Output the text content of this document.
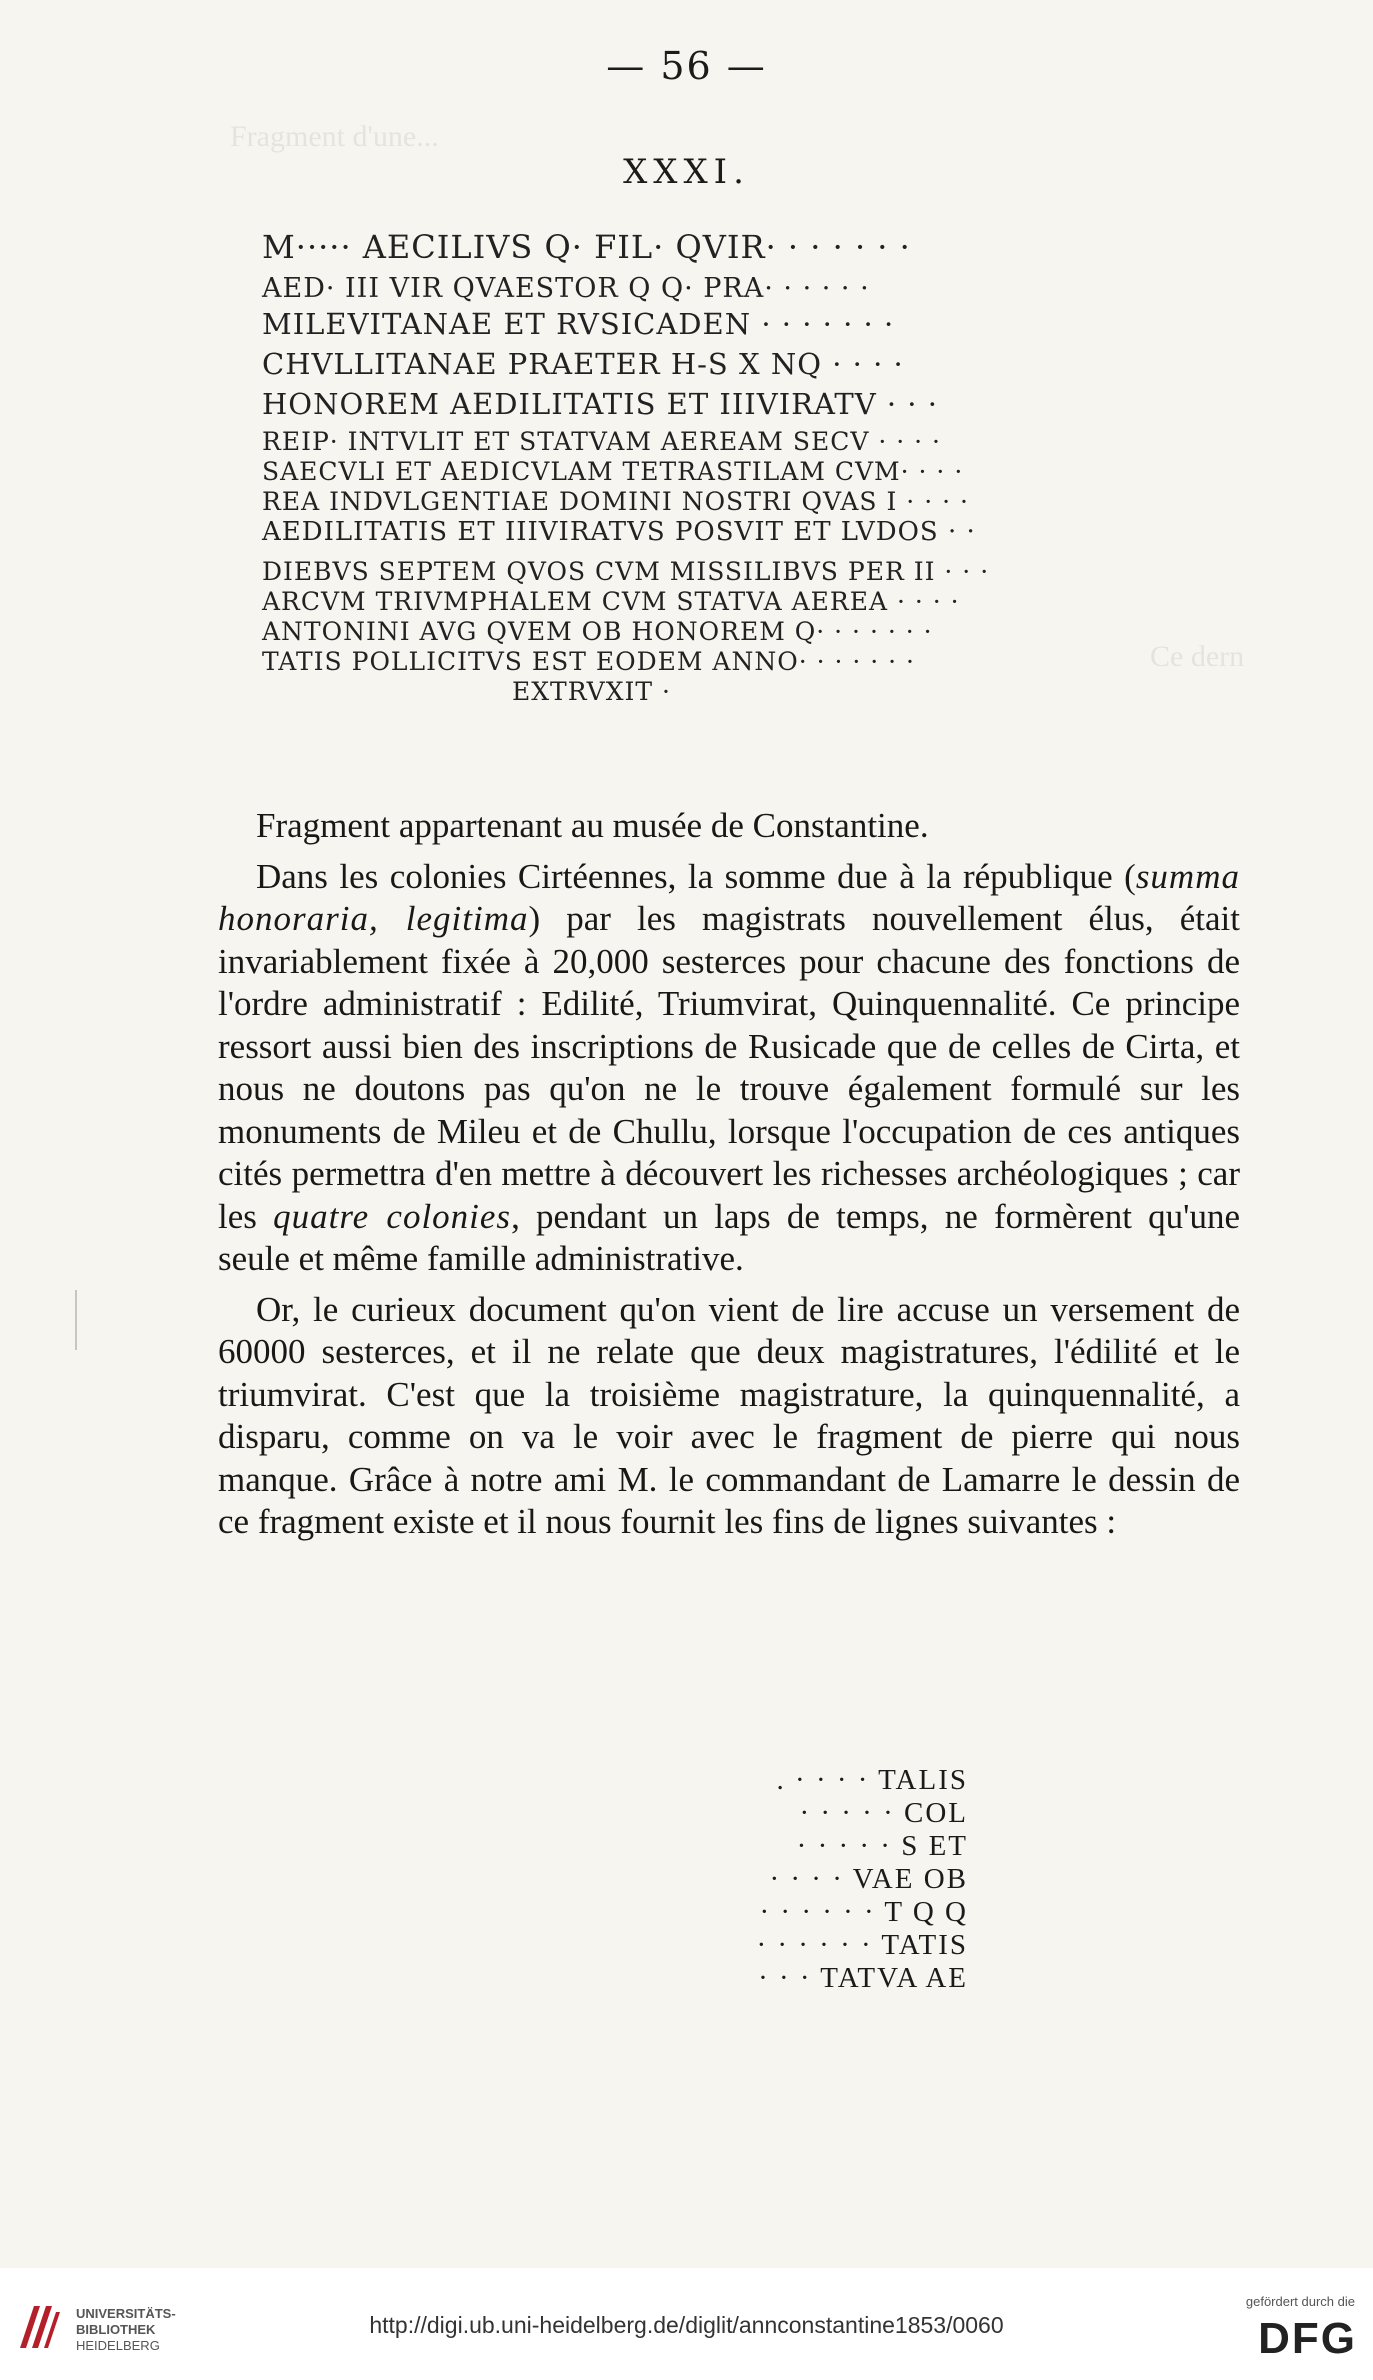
Fragment d'une...
Ce dern
— 56 —
XXXI.
M····· AECILIVS Q· FIL· QVIR· · · · · · ·
AED· III VIR QVAESTOR Q Q· PRA· · · · · ·
MILEVITANAE ET RVSICADEN · · · · · · ·
CHVLLITANAE PRAETER H-S X NQ · · · ·
HONOREM AEDILITATIS ET IIIVIRATV · · ·
REIP· INTVLIT ET STATVAM AEREAM SECV · · · ·
SAECVLI ET AEDICVLAM TETRASTILAM CVM· · · ·
REA INDVLGENTIAE DOMINI NOSTRI QVAS I · · · ·
AEDILITATIS ET IIIVIRATVS POSVIT ET LVDOS · ·
DIEBVS SEPTEM QVOS CVM MISSILIBVS PER II · · ·
ARCVM TRIVMPHALEM CVM STATVA AEREA · · · ·
ANTONINI AVG QVEM OB HONOREM Q· · · · · · ·
TATIS POLLICITVS EST EODEM ANNO· · · · · · ·
EXTRVXIT ·

Fragment appartenant au musée de Constantine.

Dans les colonies Cirtéennes, la somme due à la république (summa honoraria, legitima) par les magistrats nouvellement élus, était invariablement fixée à 20,000 sesterces pour chacune des fonctions de l'ordre administratif : Edilité, Triumvirat, Quinquennalité. Ce principe ressort aussi bien des inscriptions de Rusicade que de celles de Cirta, et nous ne doutons pas qu'on ne le trouve également formulé sur les monuments de Mileu et de Chullu, lorsque l'occupation de ces antiques cités permettra d'en mettre à découvert les richesses archéologiques ; car les quatre colonies, pendant un laps de temps, ne formèrent qu'une seule et même famille administrative.

Or, le curieux document qu'on vient de lire accuse un versement de 60000 sesterces, et il ne relate que deux magistratures, l'édilité et le triumvirat. C'est que la troisième magistrature, la quinquennalité, a disparu, comme on va le voir avec le fragment de pierre qui nous manque. Grâce à notre ami M. le commandant de Lamarre le dessin de ce fragment existe et il nous fournit les fins de lignes suivantes :

. · · · · TALIS
· · · · · COL
· · · · · S ET
· · · · VAE OB
· · · · · · T Q Q
· · · · · · TATIS
· · · TATVA AE
UNIVERSITÄTS-
BIBLIOTHEK
HEIDELBERG
http://digi.ub.uni-heidelberg.de/diglit/annconstantine1853/0060
gefördert durch die
DFG
